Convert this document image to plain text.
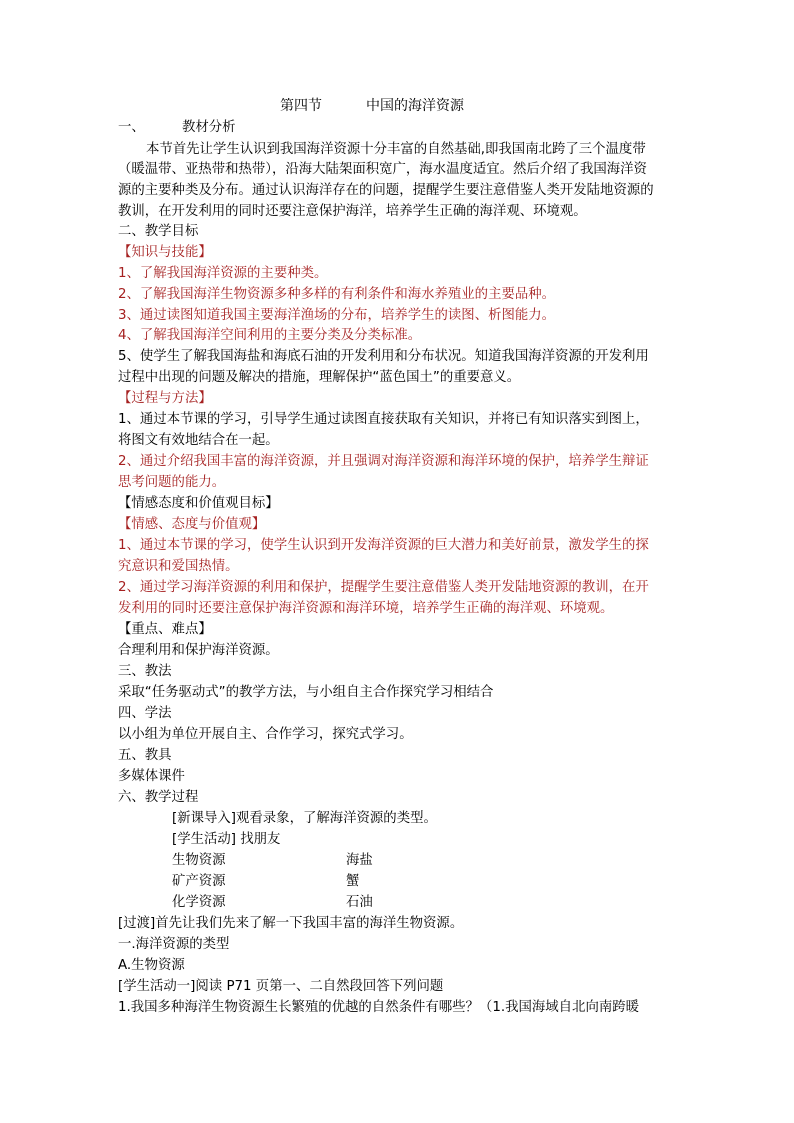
第四节	中国的海洋资源
一、	教材分析
本节首先让学生认识到我国海洋资源十分丰富的自然基础,即我国南北跨了三个温度带
（暖温带、亚热带和热带），沿海大陆架面积宽广，海水温度适宜。然后介绍了我国海洋资
源的主要种类及分布。通过认识海洋存在的问题，提醒学生要注意借鉴人类开发陆地资源的
教训，在开发利用的同时还要注意保护海洋，培养学生正确的海洋观、环境观。
二、教学目标
【知识与技能】
1、了解我国海洋资源的主要种类。
2、了解我国海洋生物资源多种多样的有利条件和海水养殖业的主要品种。
3、通过读图知道我国主要海洋渔场的分布，培养学生的读图、析图能力。
4、了解我国海洋空间利用的主要分类及分类标准。
5、使学生了解我国海盐和海底石油的开发利用和分布状况。知道我国海洋资源的开发利用
过程中出现的问题及解决的措施，理解保护“蓝色国土”的重要意义。
【过程与方法】
1、通过本节课的学习，引导学生通过读图直接获取有关知识，并将已有知识落实到图上，
将图文有效地结合在一起。
2、通过介绍我国丰富的海洋资源，并且强调对海洋资源和海洋环境的保护，培养学生辩证
思考问题的能力。
【情感态度和价值观目标】
【情感、态度与价值观】
1、通过本节课的学习，使学生认识到开发海洋资源的巨大潜力和美好前景，激发学生的探
究意识和爱国热情。
2、通过学习海洋资源的利用和保护，提醒学生要注意借鉴人类开发陆地资源的教训，在开
发利用的同时还要注意保护海洋资源和海洋环境，培养学生正确的海洋观、环境观。
【重点、难点】
合理利用和保护海洋资源。
三、教法
采取“任务驱动式”的教学方法，与小组自主合作探究学习相结合
四、学法
以小组为单位开展自主、合作学习，探究式学习。
五、教具
多媒体课件
六、教学过程
[新课导入]观看录象，了解海洋资源的类型。
[学生活动] 找朋友
生物资源	海盐
矿产资源	蟹
化学资源	石油
[过渡]首先让我们先来了解一下我国丰富的海洋生物资源。
一.海洋资源的类型
A.生物资源
[学生活动一]阅读 P71 页第一、二自然段回答下列问题
1.我国多种海洋生物资源生长繁殖的优越的自然条件有哪些？（1.我国海域自北向南跨暖
